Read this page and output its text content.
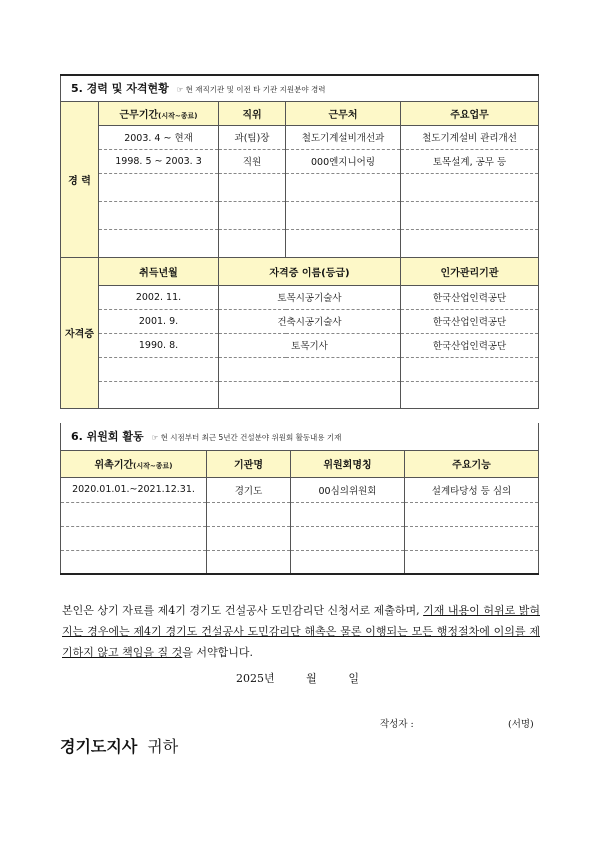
5. 경력 및 자격현황 ☞ 현 재직기관 및 이전 타 기관 지원분야 경력				
경 력	근무기간(시작~종료)	직위	근무처	주요업무
	2003. 4 ~ 현재	과(팀)장	철도기계설비개선과	철도기계설비 관리개선
	1998. 5 ~ 2003. 3	직원	000엔지니어링	토목설계, 공무 등

자격증	취득년월	자격증 이름(등급)		인가관리기관
	2002. 11.	토목시공기술사		한국산업인력공단
	2001. 9.	건축시공기술사		한국산업인력공단
	1990. 8.	토목기사		한국산업인력공단

6. 위원회 활동 ☞ 현 시점부터 최근 5년간 건설분야 위원회 활동내용 기재			
위촉기간(시작~종료)	기관명	위원회명칭	주요기능
2020.01.01.~2021.12.31.	경기도	00심의위원회	설계타당성 등 심의

본인은 상기 자료를 제4기 경기도 건설공사 도민감리단 신청서로 제출하며, 기재 내용이 허위로 밝혀지는 경우에는 제4기 경기도 건설공사 도민감리단 해촉은 물론 이행되는 모든 행정절차에 이의를 제기하지 않고 책임을 질 것을 서약합니다.
2025년	월	일
작성자 :	(서명)
경기도지사 귀하
